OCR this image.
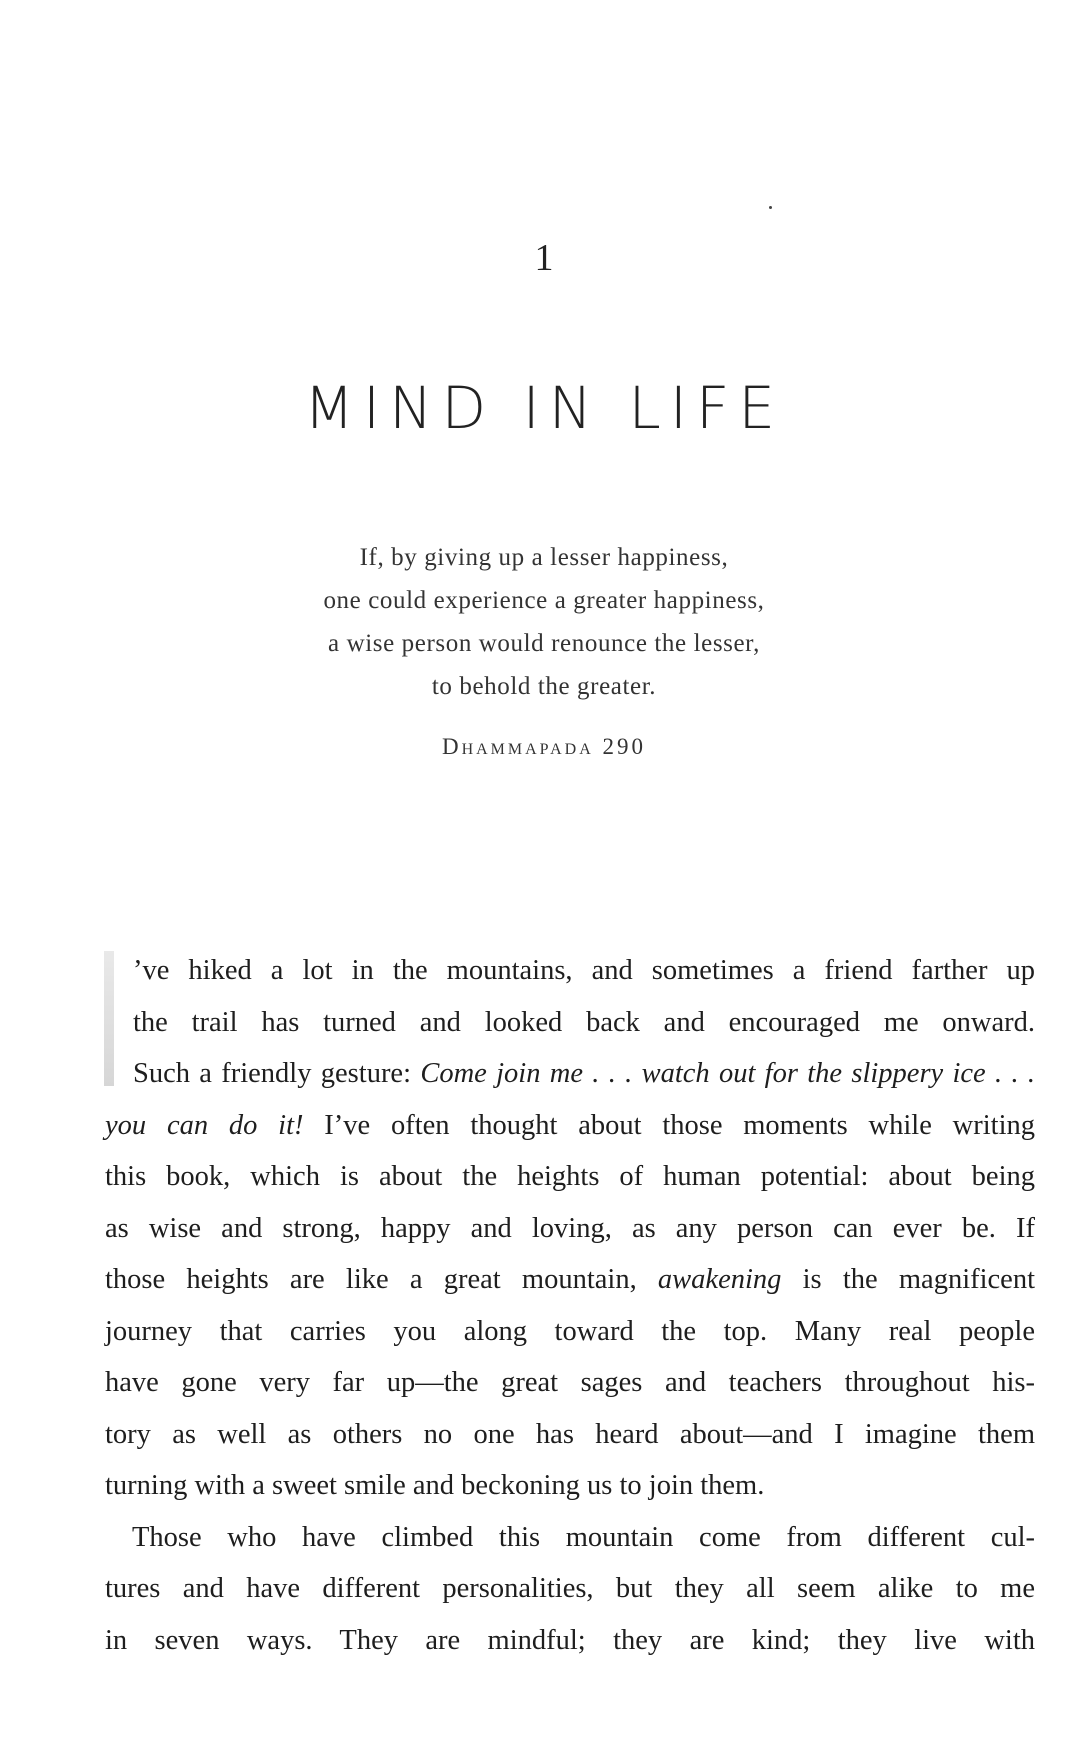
1
MIND IN LIFE

If, by giving up a lesser happiness,

one could experience a greater happiness,

a wise person would renounce the lesser,

to behold the greater.

Dhammapada 290
’ve hiked a lot in the mountains, and sometimes a friend farther up
the trail has turned and looked back and encouraged me onward.
Such a friendly gesture: Come join me . . . watch out for the slippery ice . . .
you can do it! I’ve often thought about those moments while writing
this book, which is about the heights of human potential: about being
as wise and strong, happy and loving, as any person can ever be. If
those heights are like a great mountain, awakening is the magnificent
journey that carries you along toward the top. Many real people
have gone very far up—the great sages and teachers throughout his-
tory as well as others no one has heard about—and I imagine them
turning with a sweet smile and beckoning us to join them.
Those who have climbed this mountain come from different cul-
tures and have different personalities, but they all seem alike to me
in seven ways. They are mindful; they are kind; they live with
